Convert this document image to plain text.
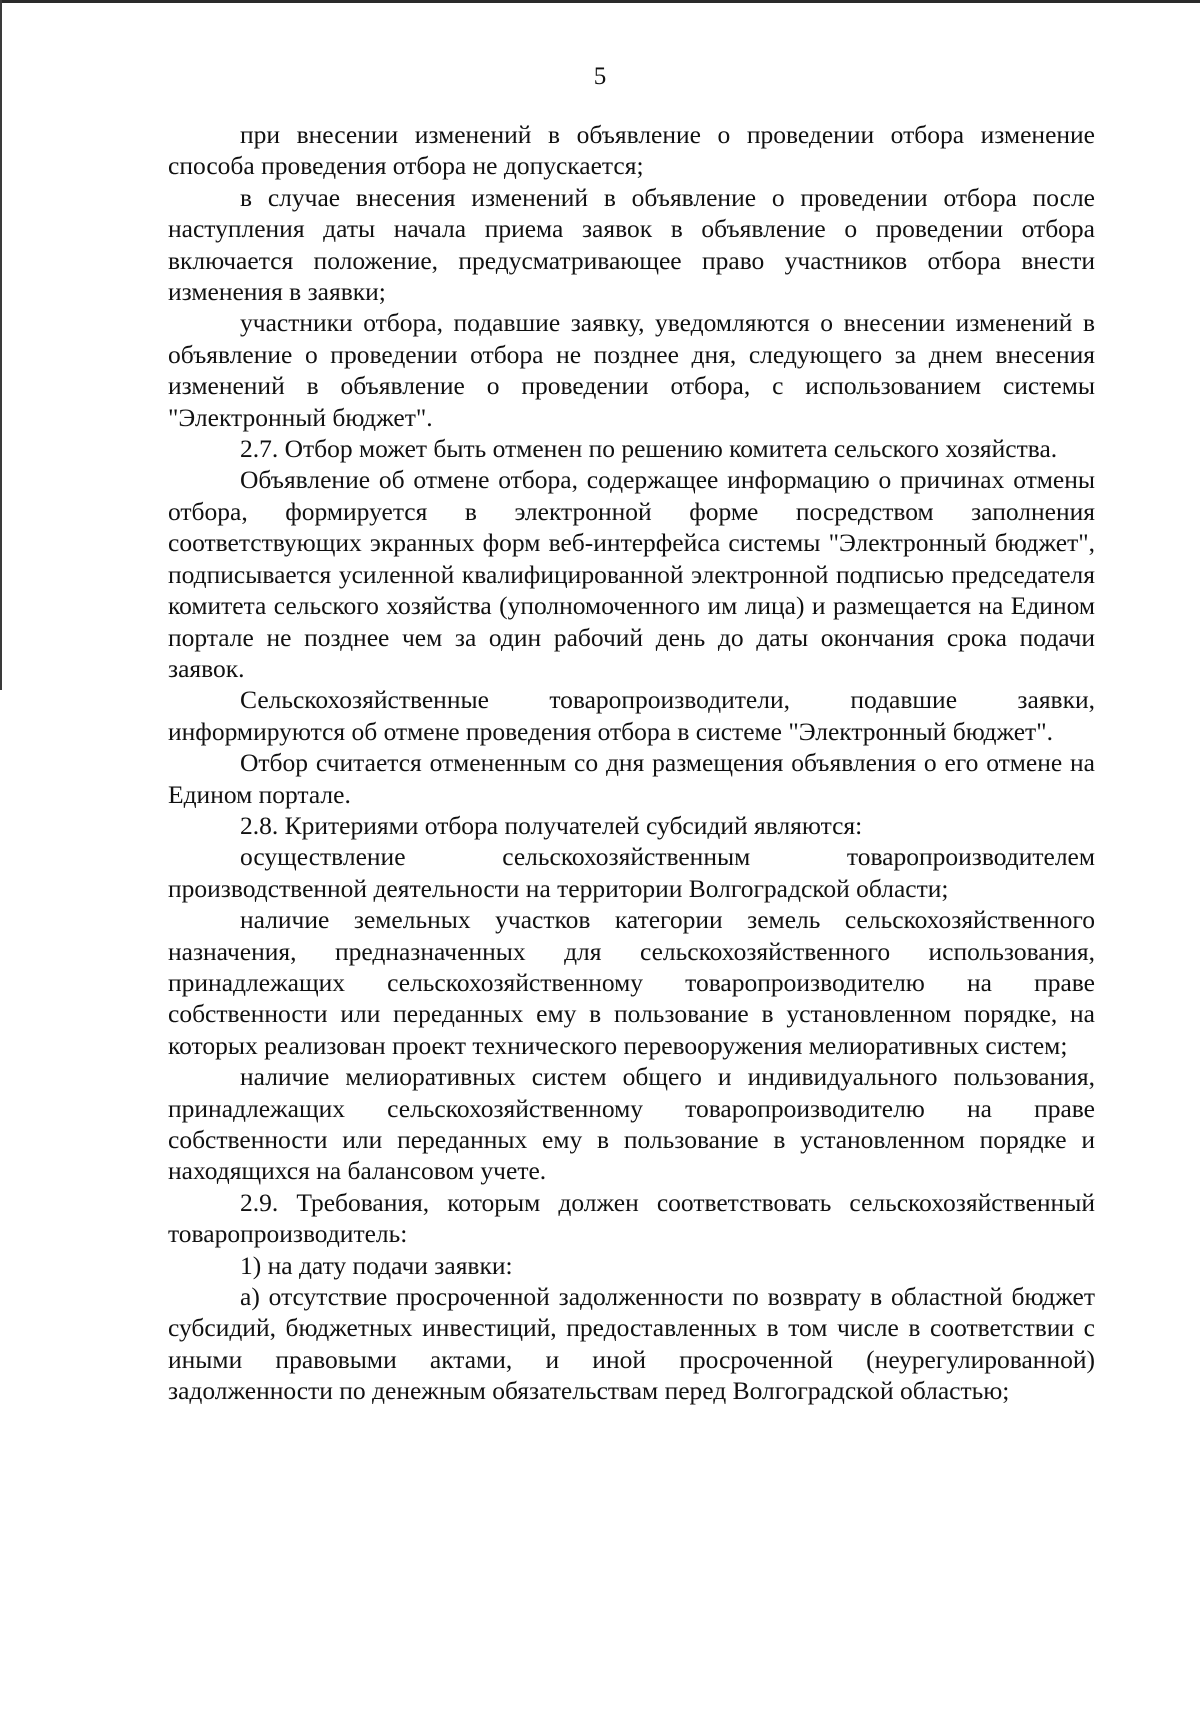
5

при внесении изменений в объявление о проведении отбора изменение способа проведения отбора не допускается;

в случае внесения изменений в объявление о проведении отбора после наступления даты начала приема заявок в объявление о проведении отбора включается положение, предусматривающее право участников отбора внести изменения в заявки;

участники отбора, подавшие заявку, уведомляются о внесении изменений в объявление о проведении отбора не позднее дня, следующего за днем внесения изменений в объявление о проведении отбора, с использованием системы "Электронный бюджет".

2.7. Отбор может быть отменен по решению комитета сельского хозяйства.

Объявление об отмене отбора, содержащее информацию о причинах отмены отбора, формируется в электронной форме посредством заполнения соответствующих экранных форм веб-интерфейса системы "Электронный бюджет", подписывается усиленной квалифицированной электронной подписью председателя комитета сельского хозяйства (уполномоченного им лица) и размещается на Едином портале не позднее чем за один рабочий день до даты окончания срока подачи заявок.

Сельскохозяйственные товаропроизводители, подавшие заявки, информируются об отмене проведения отбора в системе "Электронный бюджет".

Отбор считается отмененным со дня размещения объявления о его отмене на Едином портале.

2.8. Критериями отбора получателей субсидий являются:

осуществление сельскохозяйственным товаропроизводителем производственной деятельности на территории Волгоградской области;

наличие земельных участков категории земель сельскохозяйственного назначения, предназначенных для сельскохозяйственного использования, принадлежащих сельскохозяйственному товаропроизводителю на праве собственности или переданных ему в пользование в установленном порядке, на которых реализован проект технического перевооружения мелиоративных систем;

наличие мелиоративных систем общего и индивидуального пользования, принадлежащих сельскохозяйственному товаропроизводителю на праве собственности или переданных ему в пользование в установленном порядке и находящихся на балансовом учете.

2.9. Требования, которым должен соответствовать сельскохозяйственный товаропроизводитель:

1) на дату подачи заявки:

а) отсутствие просроченной задолженности по возврату в областной бюджет субсидий, бюджетных инвестиций, предоставленных в том числе в соответствии с иными правовыми актами, и иной просроченной (неурегулированной) задолженности по денежным обязательствам перед Волгоградской областью;
